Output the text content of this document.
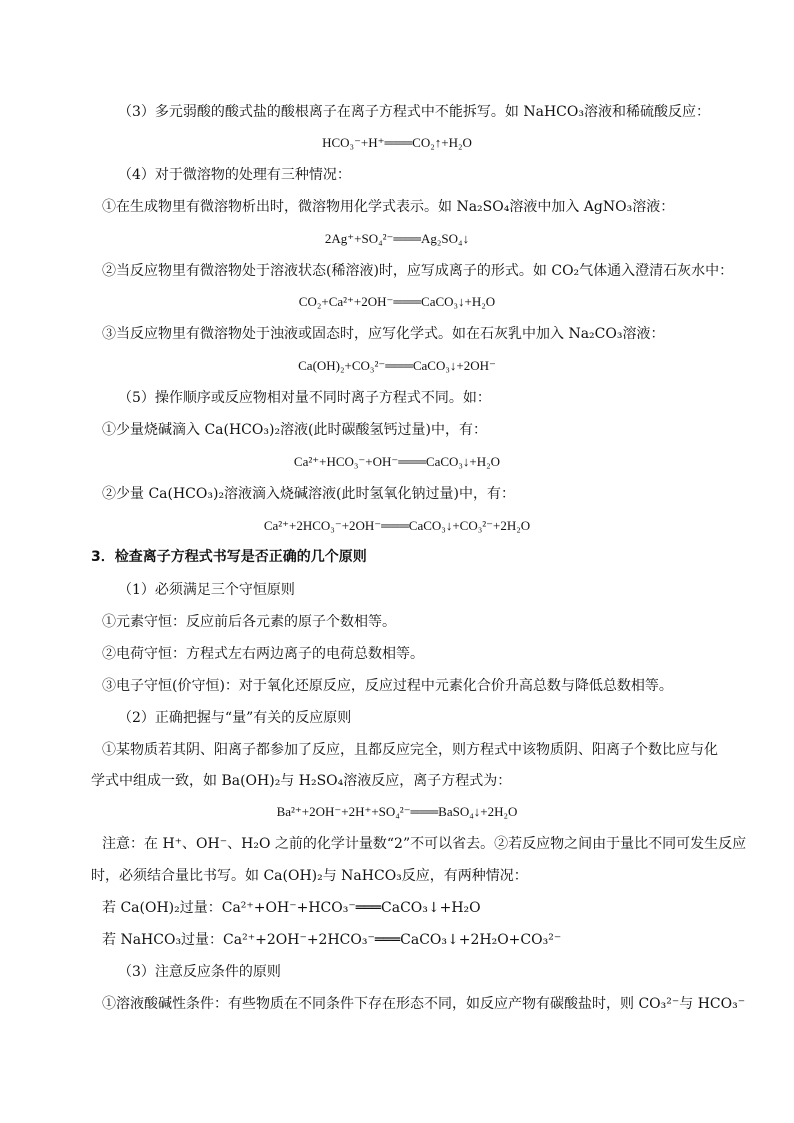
（3）多元弱酸的酸式盐的酸根离子在离子方程式中不能拆写。如 NaHCO₃溶液和稀硫酸反应：
HCO₃⁻+H⁺═══CO₂↑+H₂O
（4）对于微溶物的处理有三种情况：
①在生成物里有微溶物析出时，微溶物用化学式表示。如 Na₂SO₄溶液中加入 AgNO₃溶液：
2Ag⁺+SO₄²⁻═══Ag₂SO₄↓
②当反应物里有微溶物处于溶液状态(稀溶液)时，应写成离子的形式。如 CO₂气体通入澄清石灰水中：
CO₂+Ca²⁺+2OH⁻═══CaCO₃↓+H₂O
③当反应物里有微溶物处于浊液或固态时，应写化学式。如在石灰乳中加入 Na₂CO₃溶液：
Ca(OH)₂+CO₃²⁻═══CaCO₃↓+2OH⁻
（5）操作顺序或反应物相对量不同时离子方程式不同。如：
①少量烧碱滴入 Ca(HCO₃)₂溶液(此时碳酸氢钙过量)中，有：
Ca²⁺+HCO₃⁻+OH⁻═══CaCO₃↓+H₂O
②少量 Ca(HCO₃)₂溶液滴入烧碱溶液(此时氢氧化钠过量)中，有：
Ca²⁺+2HCO₃⁻+2OH⁻═══CaCO₃↓+CO₃²⁻+2H₂O
3．检查离子方程式书写是否正确的几个原则
（1）必须满足三个守恒原则
①元素守恒：反应前后各元素的原子个数相等。
②电荷守恒：方程式左右两边离子的电荷总数相等。
③电子守恒(价守恒)：对于氧化还原反应，反应过程中元素化合价升高总数与降低总数相等。
（2）正确把握与“量”有关的反应原则
①某物质若其阴、阳离子都参加了反应，且都反应完全，则方程式中该物质阴、阳离子个数比应与化
学式中组成一致，如 Ba(OH)₂与 H₂SO₄溶液反应，离子方程式为：
Ba²⁺+2OH⁻+2H⁺+SO₄²⁻═══BaSO₄↓+2H₂O
注意：在 H⁺、OH⁻、H₂O 之前的化学计量数“2”不可以省去。②若反应物之间由于量比不同可发生反应
时，必须结合量比书写。如 Ca(OH)₂与 NaHCO₃反应，有两种情况：
若 Ca(OH)₂过量：Ca²⁺+OH⁻+HCO₃⁻═══CaCO₃↓+H₂O
若 NaHCO₃过量：Ca²⁺+2OH⁻+2HCO₃⁻═══CaCO₃↓+2H₂O+CO₃²⁻
（3）注意反应条件的原则
①溶液酸碱性条件：有些物质在不同条件下存在形态不同，如反应产物有碳酸盐时，则 CO₃²⁻与 HCO₃⁻
